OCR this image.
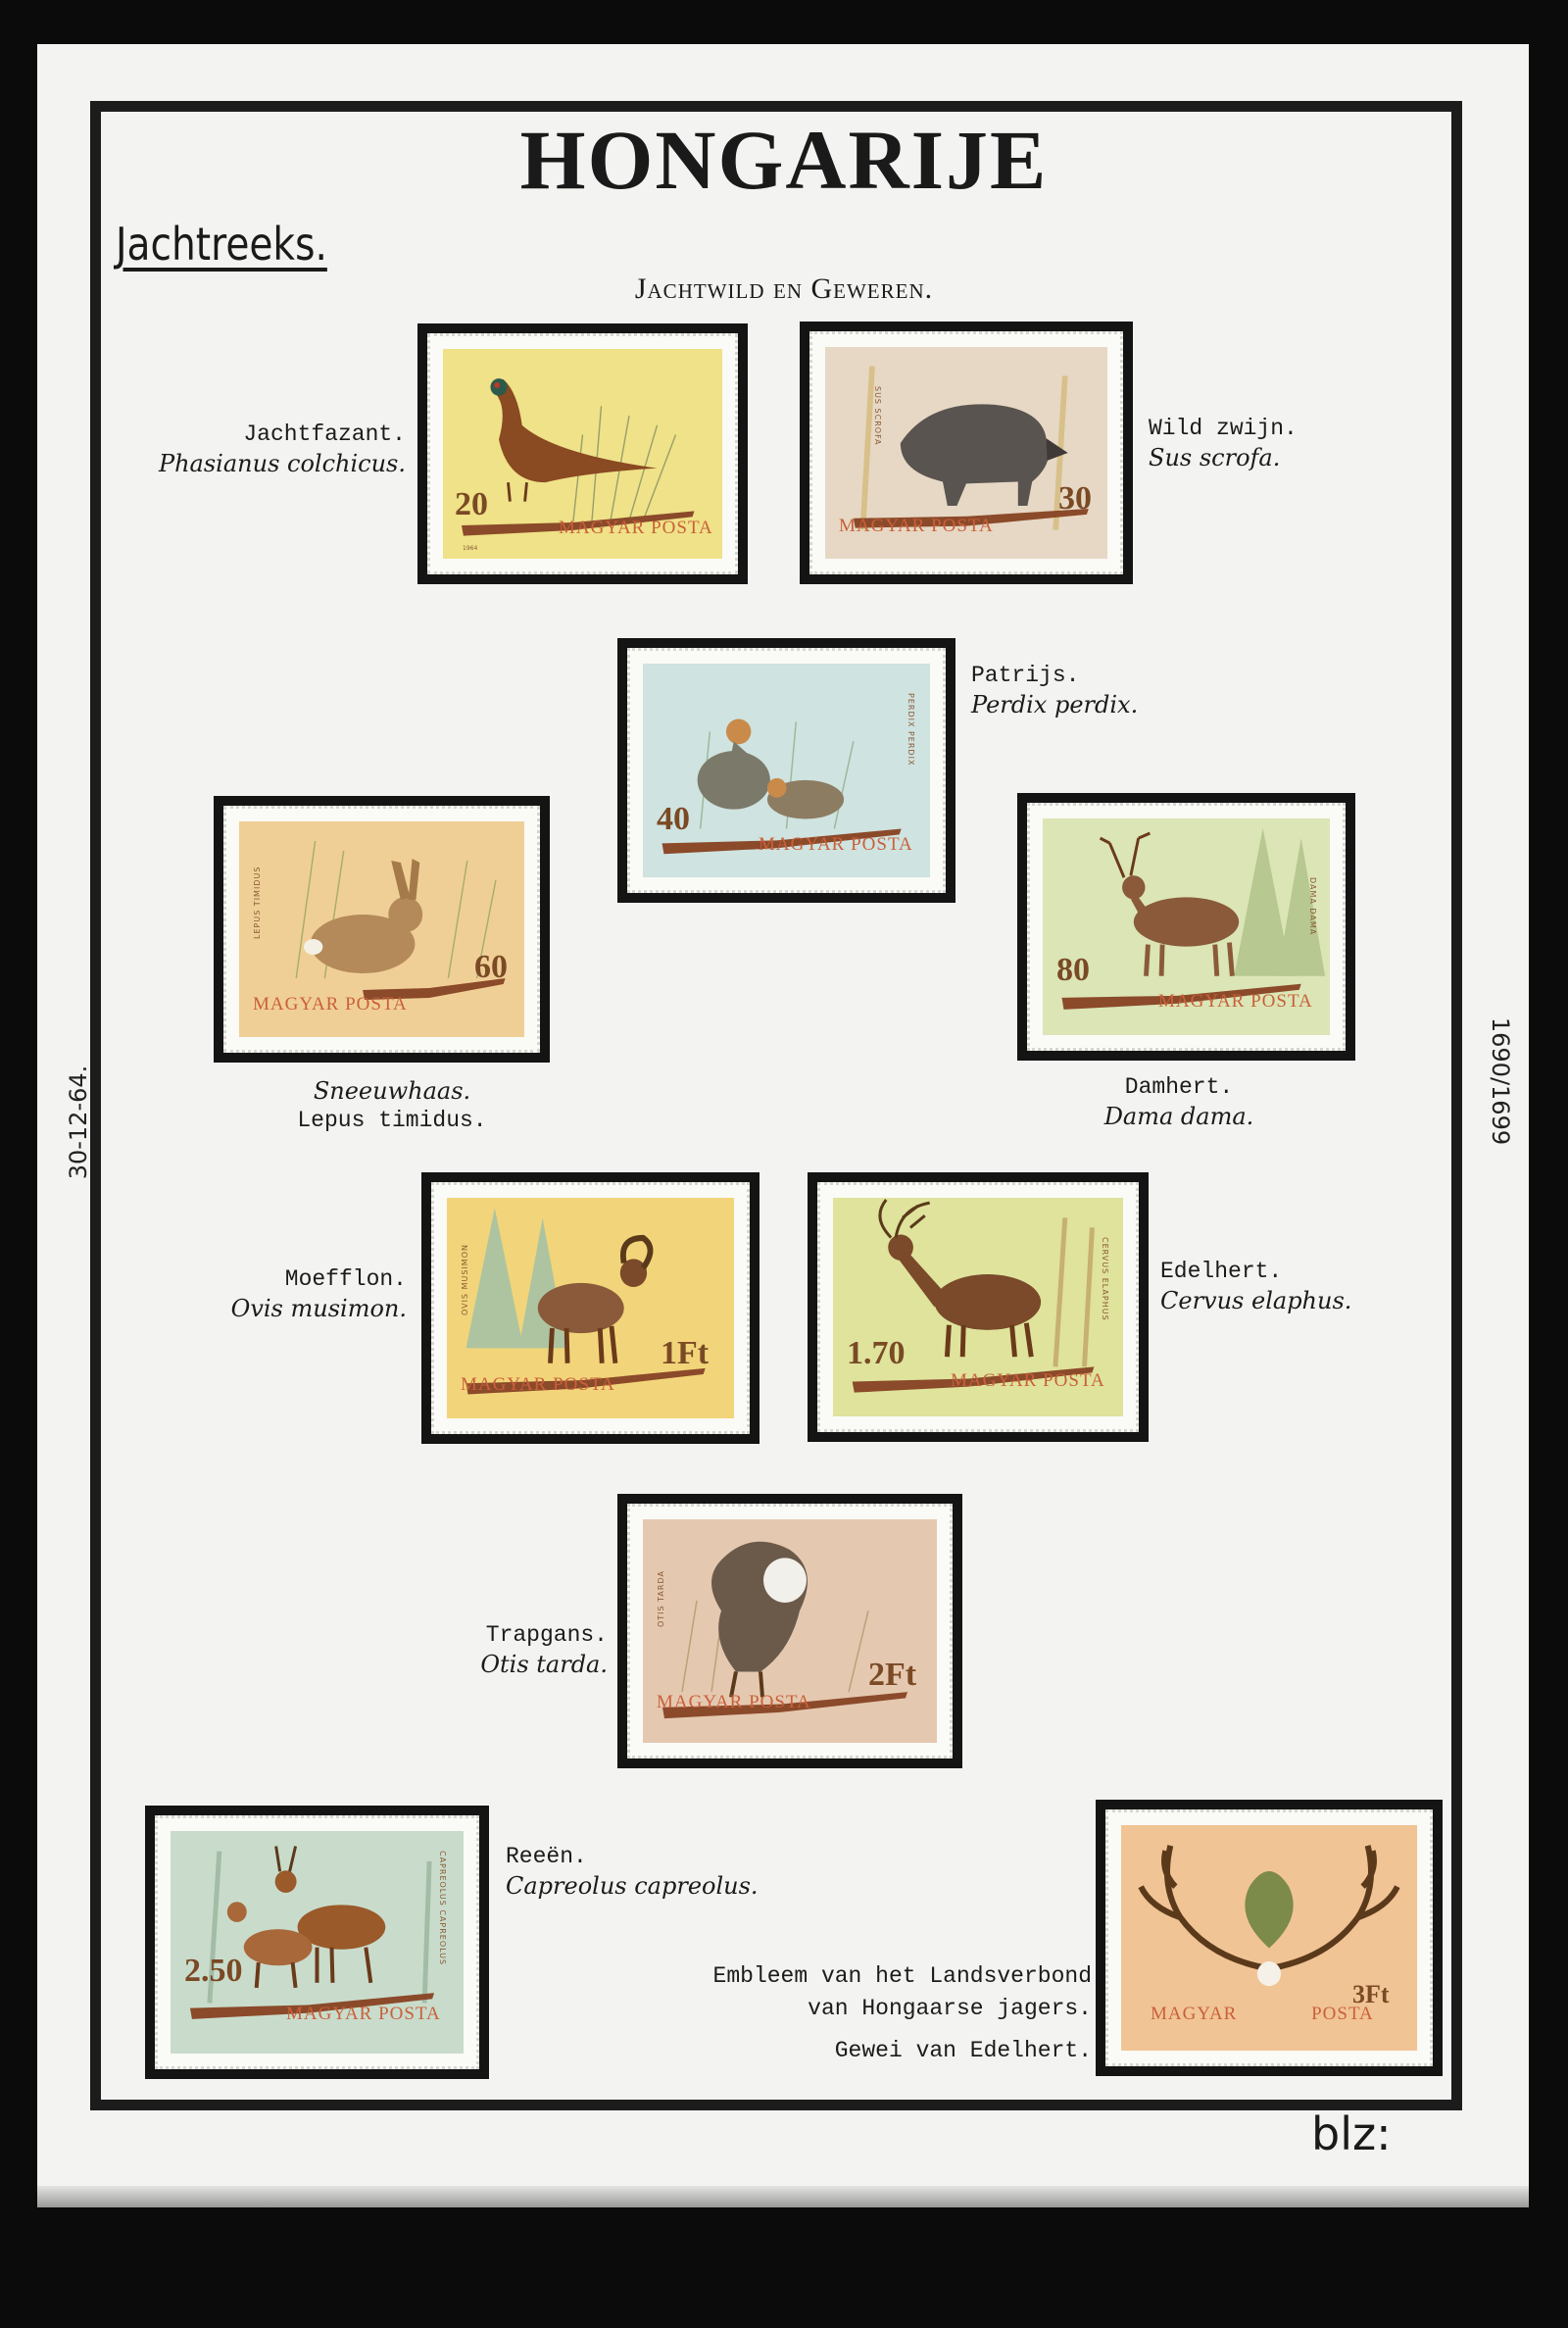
HONGARIJE
Jachtreeks.
Jachtwild en Geweren.
30-12-64.	1690/1699
blz:
20
MAGYAR POSTA
1964
Jachtfazant.
Phasianus colchicus.
30
MAGYAR POSTA
SUS SCROFA	Wild zwijn.
Sus scrofa.
40
MAGYAR POSTA
PERDIX PERDIX
Patrijs.
Perdix perdix.
60
MAGYAR POSTA
LEPUS TIMIDUS
Sneeuwhaas.
Lepus timidus.
80
MAGYAR POSTA
DAMA DAMA
Damhert.
Dama dama.
1Ft
MAGYAR POSTA
OVIS MUSIMON
Moefflon.
Ovis musimon.
1.70
MAGYAR POSTA
CERVUS ELAPHUS Edelhert.
Cervus elaphus.
2Ft
MAGYAR POSTA
OTIS TARDA
Trapgans.
Otis tarda.
2.50
MAGYAR POSTA
CAPREOLUS CAPREOLUS	Reeën.
Capreolus capreolus.
3Ft
MAGYAR POSTA
Embleem van het Landsverbond
van Hongaarse jagers.
Gewei van Edelhert.
